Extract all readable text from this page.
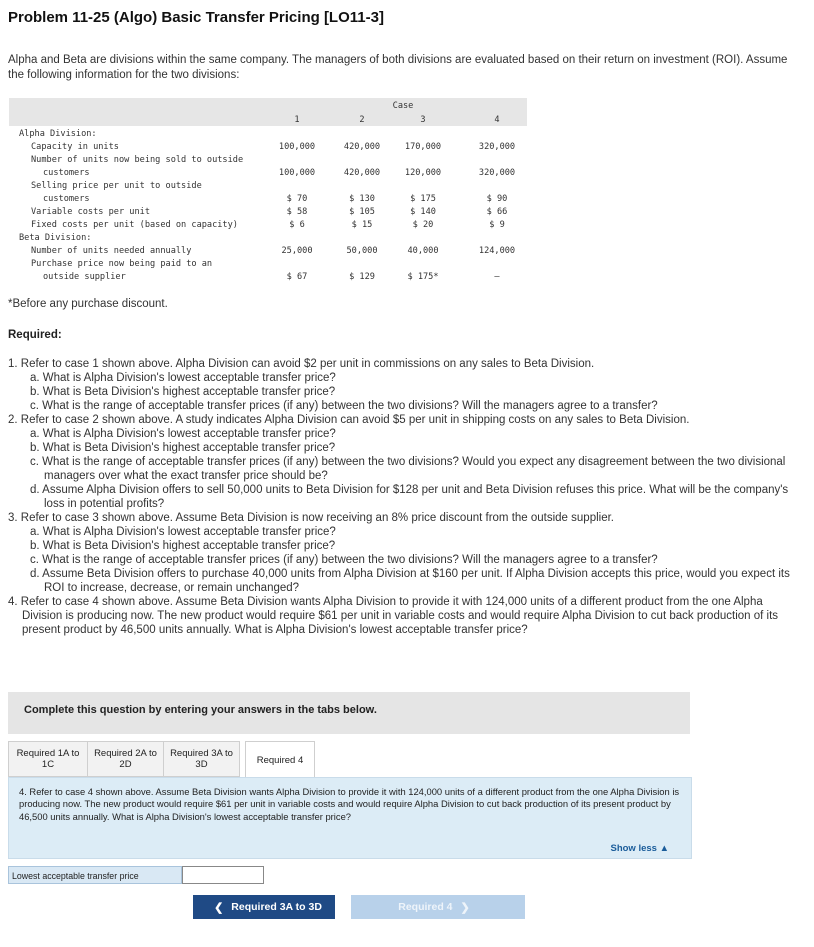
Problem 11-25 (Algo) Basic Transfer Pricing [LO11-3]
Alpha and Beta are divisions within the same company. The managers of both divisions are evaluated based on their return on investment (ROI). Assume the following information for the two divisions:
Case
1	2	3	4
Alpha Division:
Capacity in units	100,000	420,000	170,000	320,000
Number of units now being sold to outside
customers	100,000	420,000	120,000	320,000
Selling price per unit to outside
customers	$ 70	$ 130	$ 175	$ 90
Variable costs per unit	$ 58	$ 105	$ 140	$ 66
Fixed costs per unit (based on capacity)	$ 6	$ 15	$ 20	$ 9
Beta Division:
Number of units needed annually	25,000	50,000	40,000	124,000
Purchase price now being paid to an
outside supplier	$ 67	$ 129	$ 175*	–
*Before any purchase discount.
Required:
1. Refer to case 1 shown above. Alpha Division can avoid $2 per unit in commissions on any sales to Beta Division.
a. What is Alpha Division's lowest acceptable transfer price?
b. What is Beta Division's highest acceptable transfer price?
c. What is the range of acceptable transfer prices (if any) between the two divisions? Will the managers agree to a transfer?
2. Refer to case 2 shown above. A study indicates Alpha Division can avoid $5 per unit in shipping costs on any sales to Beta Division.
a. What is Alpha Division's lowest acceptable transfer price?
b. What is Beta Division's highest acceptable transfer price?
c. What is the range of acceptable transfer prices (if any) between the two divisions? Would you expect any disagreement between the two divisional managers over what the exact transfer price should be?
d. Assume Alpha Division offers to sell 50,000 units to Beta Division for $128 per unit and Beta Division refuses this price. What will be the company's loss in potential profits?
3. Refer to case 3 shown above. Assume Beta Division is now receiving an 8% price discount from the outside supplier.
a. What is Alpha Division's lowest acceptable transfer price?
b. What is Beta Division's highest acceptable transfer price?
c. What is the range of acceptable transfer prices (if any) between the two divisions? Will the managers agree to a transfer?
d. Assume Beta Division offers to purchase 40,000 units from Alpha Division at $160 per unit. If Alpha Division accepts this price, would you expect its ROI to increase, decrease, or remain unchanged?
4. Refer to case 4 shown above. Assume Beta Division wants Alpha Division to provide it with 124,000 units of a different product from the one Alpha Division is producing now. The new product would require $61 per unit in variable costs and would require Alpha Division to cut back production of its present product by 46,500 units annually. What is Alpha Division's lowest acceptable transfer price?
Complete this question by entering your answers in the tabs below.
Required 1A to
1C
Required 2A to
2D
Required 3A to
3D	Required 4

4. Refer to case 4 shown above. Assume Beta Division wants Alpha Division to provide it with 124,000 units of a different product from the one Alpha Division is producing now. The new product would require $61 per unit in variable costs and would require Alpha Division to cut back production of its present product by 46,500 units annually. What is Alpha Division's lowest acceptable transfer price?

Show less ▲
Lowest acceptable transfer price
❮ Required 3A to 3D	Required 4 ❯
